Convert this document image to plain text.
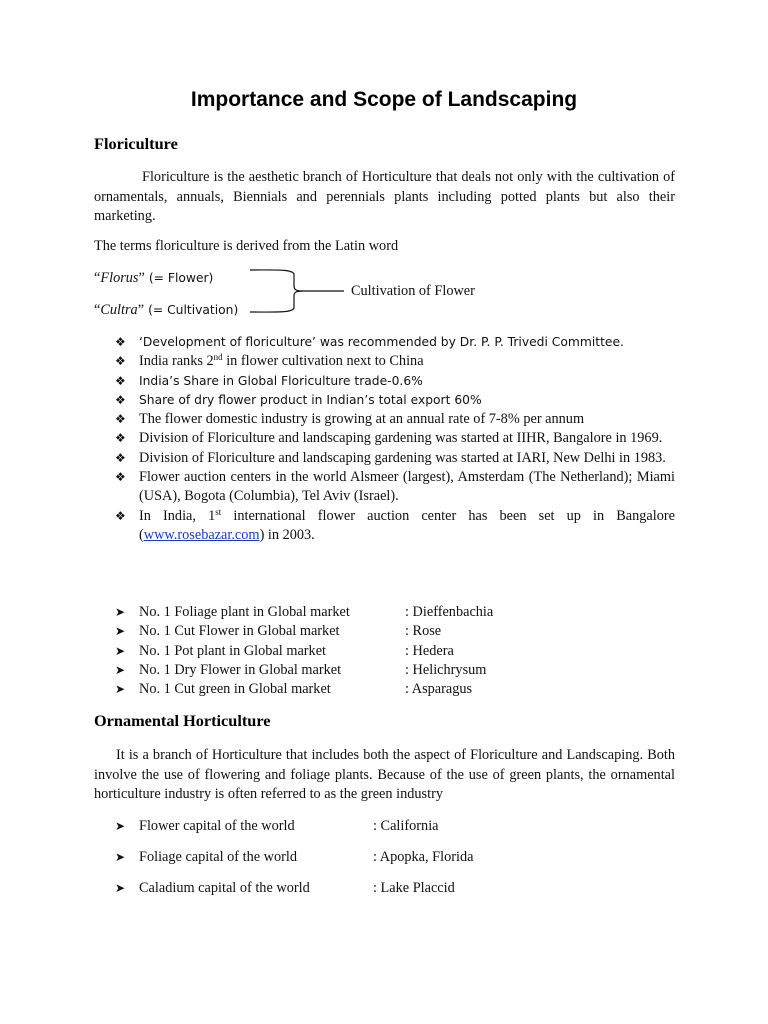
Importance and Scope of Landscaping
Floriculture

Floriculture is the aesthetic branch of Horticulture that deals not only with the cultivation of ornamentals, annuals, Biennials and perennials plants including potted plants but also their marketing.

The terms floriculture is derived from the Latin word
“Florus” (= Flower)
“Cultra” (= Cultivation)
Cultivation of Flower
❖ ‘Development of floriculture’ was recommended by Dr. P. P. Trivedi Committee.
❖ India ranks 2nd in flower cultivation next to China
❖ India’s Share in Global Floriculture trade-0.6%
❖ Share of dry flower product in Indian’s total export 60%
❖ The flower domestic industry is growing at an annual rate of 7-8% per annum
❖ Division of Floriculture and landscaping gardening was started at IIHR, Bangalore in 1969.
❖ Division of Floriculture and landscaping gardening was started at IARI, New Delhi in 1983.
❖ Flower auction centers in the world Alsmeer (largest), Amsterdam (The Netherland); Miami (USA), Bogota (Columbia), Tel Aviv (Israel).
❖ In India, 1st international flower auction center has been set up in Bangalore (www.rosebazar.com) in 2003.
➤ No. 1 Foliage plant in Global market	: Dieffenbachia
➤ No. 1 Cut Flower in Global market	: Rose
➤ No. 1 Pot plant in Global market	: Hedera
➤ No. 1 Dry Flower in Global market	: Helichrysum
➤ No. 1 Cut green in Global market	: Asparagus
Ornamental Horticulture

It is a branch of Horticulture that includes both the aspect of Floriculture and Landscaping. Both involve the use of flowering and foliage plants. Because of the use of green plants, the ornamental horticulture industry is often referred to as the green industry

➤ Flower capital of the world	: California
➤ Foliage capital of the world	: Apopka, Florida
➤ Caladium capital of the world	: Lake Placcid
